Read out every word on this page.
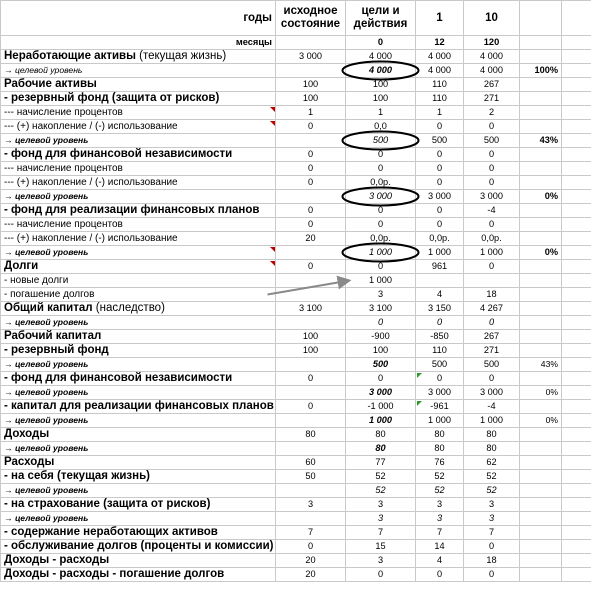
годы	исходное состояние	цели и действия	1	10		
месяцы		0	12	120		
Неработающие активы (текущая жизнь)	3 000	4 000	4 000	4 000		
→ целевой уровень		4 000	4 000	4 000	100%	
Рабочие активы	100	100	110	267		
- резервный фонд (защита от рисков)	100	100	110	271		
--- начисление процентов	1	1	1	2		
--- (+) накопление / (-) использование	0	0,0	0	0		
→ целевой уровень		500	500	500	43%	
- фонд для финансовой независимости	0	0	0	0		
--- начисление процентов	0	0	0	0		
--- (+) накопление / (-) использование	0	0,0р.	0	0		
→ целевой уровень		3 000	3 000	3 000	0%	
- фонд для реализации финансовых планов	0	0	0	-4		
--- начисление процентов	0	0	0	0		
--- (+) накопление / (-) использование	20	0,0р.	0,0р.	0,0р.		
→ целевой уровень		1 000	1 000	1 000	0%	
Долги	0	0	961	0		
- новые долги		1 000				
- погашение долгов		3	4	18		
Общий капитал (наследство)	3 100	3 100	3 150	4 267		
→ целевой уровень		0	0	0		
Рабочий капитал	100	-900	-850	267		
- резервный фонд	100	100	110	271		
→ целевой уровень		500	500	500	43%	
- фонд для финансовой независимости	0	0	0	0		
→ целевой уровень		3 000	3 000	3 000	0%	
- капитал для реализации финансовых планов	0	-1 000	-961	-4		
→ целевой уровень		1 000	1 000	1 000	0%	
Доходы	80	80	80	80		
→ целевой уровень		80	80	80		
Расходы	60	77	76	62		
- на себя (текущая жизнь)	50	52	52	52		
→ целевой уровень		52	52	52		
- на страхование (защита от рисков)	3	3	3	3		
→ целевой уровень		3	3	3		
- содержание неработающих активов	7	7	7	7		
- обслуживание долгов (проценты и комиссии)	0	15	14	0		
Доходы - расходы	20	3	4	18		
Доходы - расходы - погашение долгов	20	0	0	0		
